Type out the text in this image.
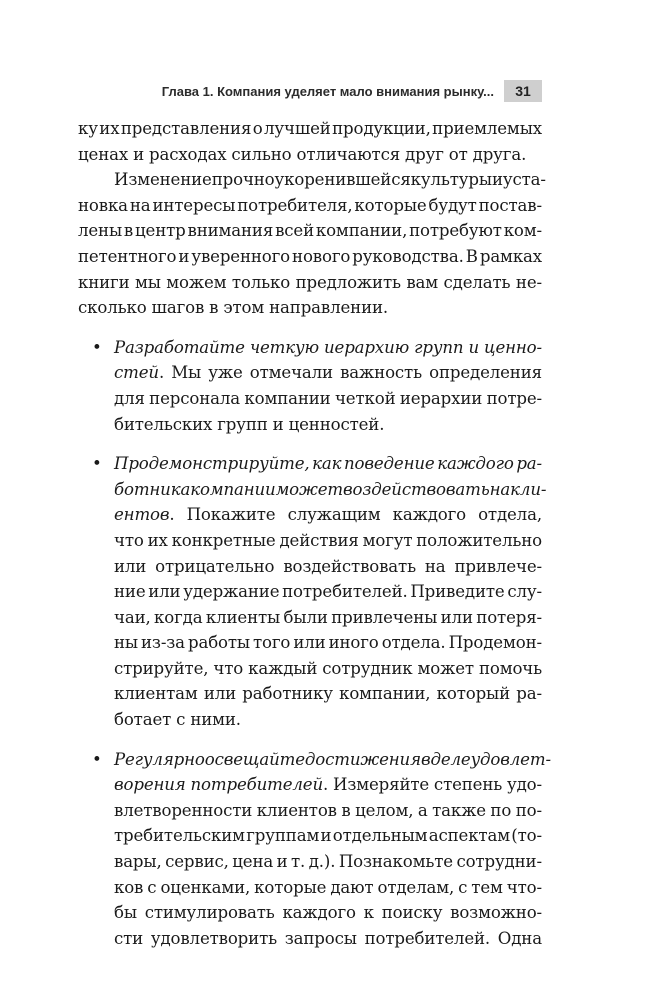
Глава 1. Компания уделяет мало внимания рынку...	31
ку их представления о лучшей продукции, приемлемых
ценах и расходах сильно отличаются друг от друга.
Изменение прочно укоренившейся культуры и уста-
новка на интересы потребителя, которые будут постав-
лены в центр внимания всей компании, потребуют ком-
петентного и уверенного нового руководства. В рамках
книги мы можем только предложить вам сделать не-
сколько шагов в этом направлении.
• Разработайте четкую иерархию групп и ценно-
стей. Мы уже отмечали важность определения
для персонала компании четкой иерархии потре-
бительских групп и ценностей.
• Продемонстрируйте, как поведение каждого ра-
ботника компании может воздействовать на кли-
ентов. Покажите служащим каждого отдела,
что их конкретные действия могут положительно
или отрицательно воздействовать на привлече-
ние или удержание потребителей. Приведите слу-
чаи, когда клиенты были привлечены или потеря-
ны из-за работы того или иного отдела. Продемон-
стрируйте, что каждый сотрудник может помочь
клиентам или работнику компании, который ра-
ботает с ними.
• Регулярно освещайте достижения в деле удовлет-
ворения потребителей. Измеряйте степень удо-
влетворенности клиентов в целом, а также по по-
требительским группам и отдельным аспектам (то-
вары, сервис, цена и т. д.). Познакомьте сотрудни-
ков с оценками, которые дают отделам, с тем что-
бы стимулировать каждого к поиску возможно-
сти удовлетворить запросы потребителей. Одна
